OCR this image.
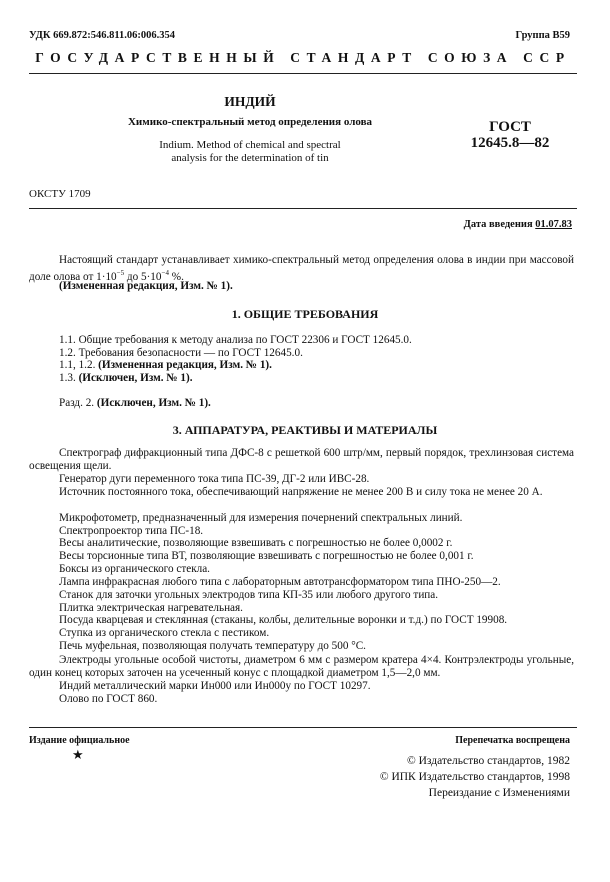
УДК 669.872:546.811.06:006.354	Группа В59
ГОСУДАРСТВЕННЫЙ СТАНДАРТ СОЮЗА ССР
ИНДИЙ
Химико-спектральный метод определения олова
Indium. Method of chemical and spectral
analysis for the determination of tin
ГОСТ
12645.8—82
ОКСТУ 1709
Дата введения 01.07.83
Настоящий стандарт устанавливает химико-спектральный метод определения олова в индии при массовой доле олова от $1\cdot 10^{-5}$ до $5\cdot 10^{-4}$ %.
(Измененная редакция, Изм. № 1).
1. ОБЩИЕ ТРЕБОВАНИЯ
1.1. Общие требования к методу анализа по ГОСТ 22306 и ГОСТ 12645.0.
1.2. Требования безопасности — по ГОСТ 12645.0.
1.1, 1.2. (Измененная редакция, Изм. № 1).
1.3. (Исключен, Изм. № 1).
Разд. 2. (Исключен, Изм. № 1).
3. АППАРАТУРА, РЕАКТИВЫ И МАТЕРИАЛЫ
Спектрограф дифракционный типа ДФС-8 с решеткой 600 штр/мм, первый порядок, трехлинзовая система освещения щели.
Генератор дуги переменного тока типа ПС-39, ДГ-2 или ИВС-28.
Источник постоянного тока, обеспечивающий напряжение не менее 200 В и силу тока не менее 20 А.
Микрофотометр, предназначенный для измерения почернений спектральных линий.
Спектропроектор типа ПС-18.
Весы аналитические, позволяющие взвешивать с погрешностью не более 0,0002 г.
Весы торсионные типа ВТ, позволяющие взвешивать с погрешностью не более 0,001 г.
Боксы из органического стекла.
Лампа инфракрасная любого типа с лабораторным автотрансформатором типа ПНО-250—2.
Станок для заточки угольных электродов типа КП-35 или любого другого типа.
Плитка электрическая нагревательная.
Посуда кварцевая и стеклянная (стаканы, колбы, делительные воронки и т.д.) по ГОСТ 19908.
Ступка из органического стекла с пестиком.
Печь муфельная, позволяющая получать температуру до 500 °С.
Электроды угольные особой чистоты, диаметром 6 мм с размером кратера 4×4. Контрэлектроды угольные, один конец которых заточен на усеченный конус с площадкой диаметром 1,5—2,0 мм.
Индий металлический марки Ин000 или Ин000у по ГОСТ 10297.
Олово по ГОСТ 860.
Издание официальное
★
Перепечатка воспрещена
© Издательство стандартов, 1982
© ИПК Издательство стандартов, 1998
Переиздание с Изменениями
